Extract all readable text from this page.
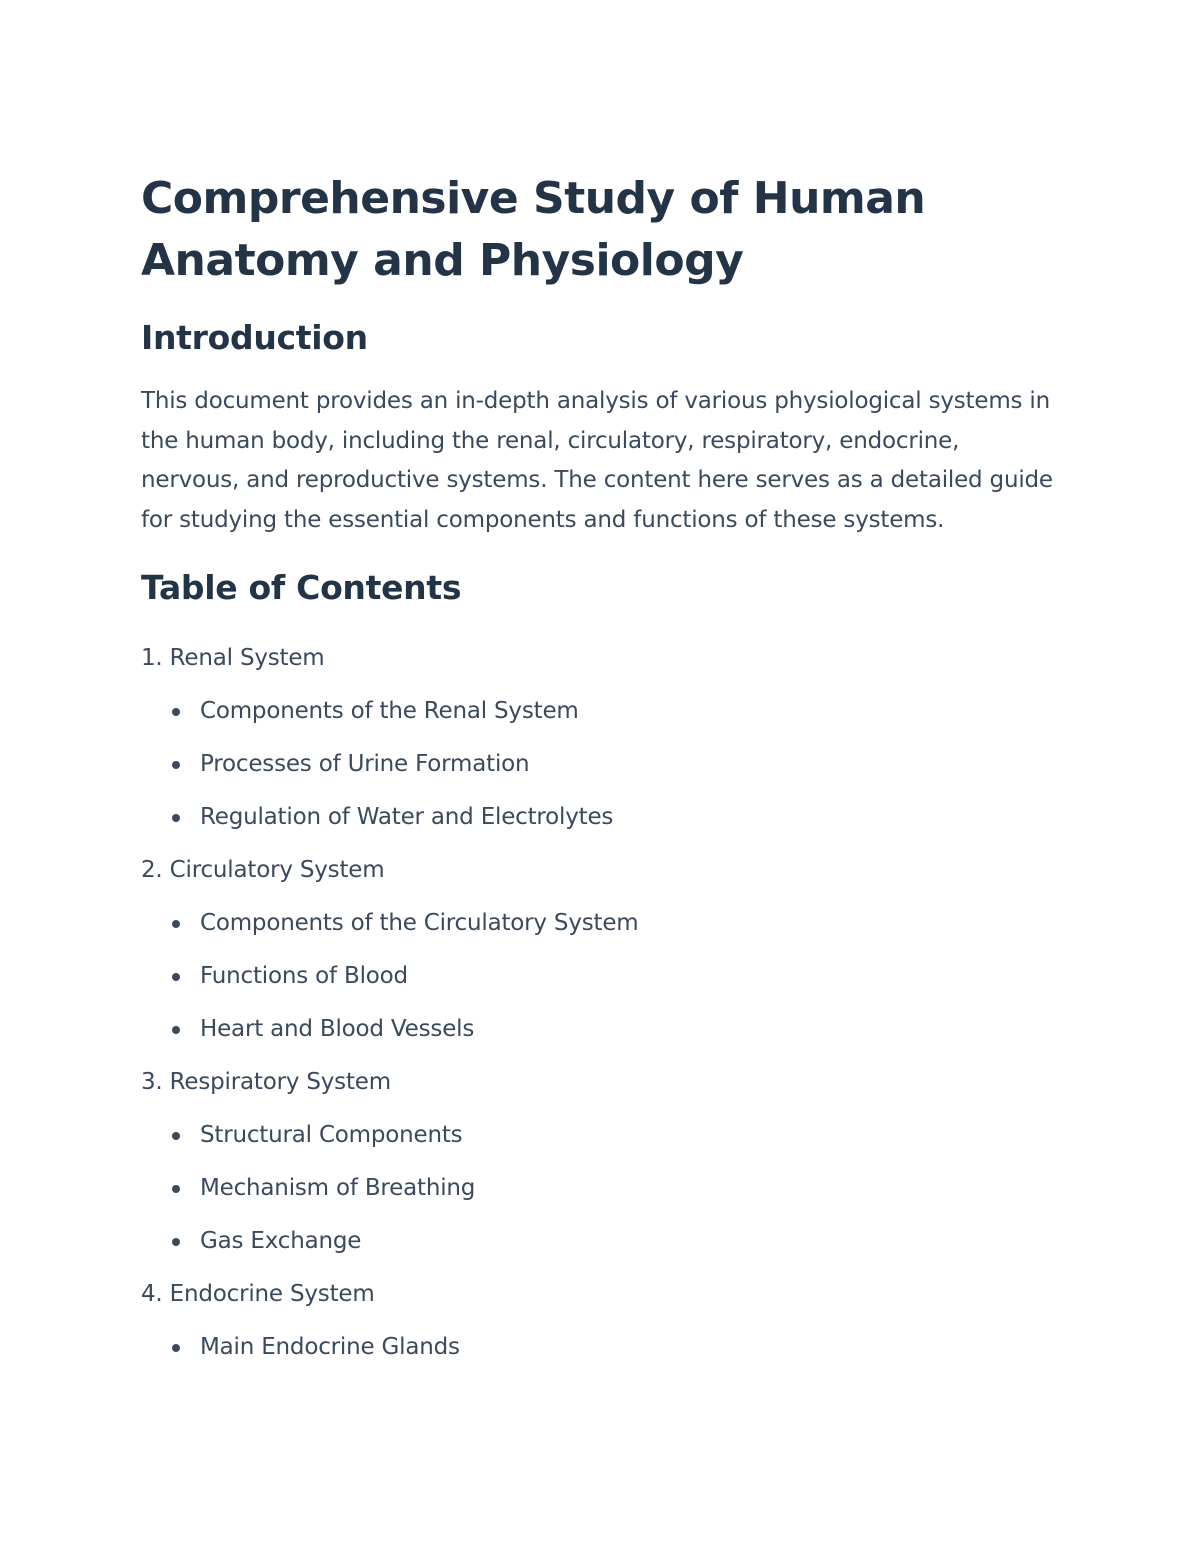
Comprehensive Study of Human
Anatomy and Physiology
Introduction

This document provides an in-depth analysis of various physiological systems in the human body, including the renal, circulatory, respiratory, endocrine, nervous, and reproductive systems. The content here serves as a detailed guide for studying the essential components and functions of these systems.

Table of Contents
1. Renal System
Components of the Renal System
Processes of Urine Formation
Regulation of Water and Electrolytes
2. Circulatory System
Components of the Circulatory System
Functions of Blood
Heart and Blood Vessels
3. Respiratory System
Structural Components
Mechanism of Breathing
Gas Exchange
4. Endocrine System
Main Endocrine Glands
